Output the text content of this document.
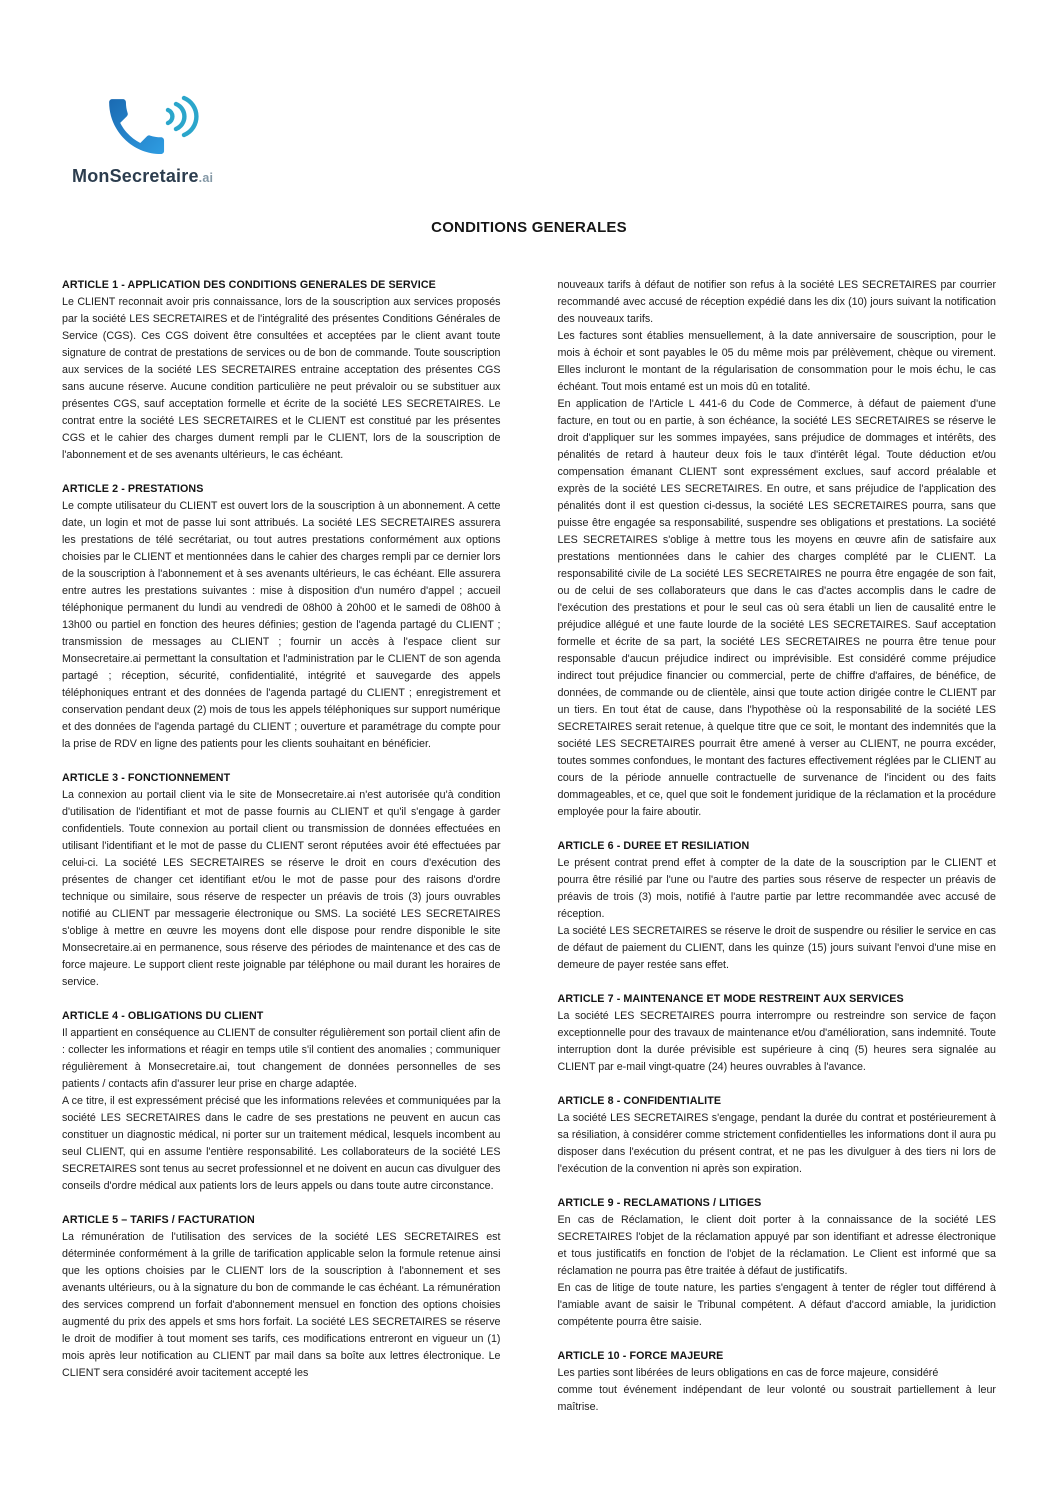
MonSecretaire.ai
CONDITIONS GENERALES
ARTICLE 1 - APPLICATION DES CONDITIONS GENERALES DE SERVICE

Le CLIENT reconnait avoir pris connaissance, lors de la souscription aux services proposés par la société LES SECRETAIRES et de l'intégralité des présentes Conditions Générales de Service (CGS). Ces CGS doivent être consultées et acceptées par le client avant toute signature de contrat de prestations de services ou de bon de commande. Toute souscription aux services de la société LES SECRETAIRES entraine acceptation des présentes CGS sans aucune réserve. Aucune condition particulière ne peut prévaloir ou se substituer aux présentes CGS, sauf acceptation formelle et écrite de la société LES SECRETAIRES. Le contrat entre la société LES SECRETAIRES et le CLIENT est constitué par les présentes CGS et le cahier des charges dument rempli par le CLIENT, lors de la souscription de l'abonnement et de ses avenants ultérieurs, le cas échéant.

ARTICLE 2 - PRESTATIONS

Le compte utilisateur du CLIENT est ouvert lors de la souscription à un abonnement. A cette date, un login et mot de passe lui sont attribués. La société LES SECRETAIRES assurera les prestations de télé secrétariat, ou tout autres prestations conformément aux options choisies par le CLIENT et mentionnées dans le cahier des charges rempli par ce dernier lors de la souscription à l'abonnement et à ses avenants ultérieurs, le cas échéant. Elle assurera entre autres les prestations suivantes : mise à disposition d'un numéro d'appel ; accueil téléphonique permanent du lundi au vendredi de 08h00 à 20h00 et le samedi de 08h00 à 13h00 ou partiel en fonction des heures définies; gestion de l'agenda partagé du CLIENT ; transmission de messages au CLIENT ; fournir un accès à l'espace client sur Monsecretaire.ai permettant la consultation et l'administration par le CLIENT de son agenda partagé ; réception, sécurité, confidentialité, intégrité et sauvegarde des appels téléphoniques entrant et des données de l'agenda partagé du CLIENT ; enregistrement et conservation pendant deux (2) mois de tous les appels téléphoniques sur support numérique et des données de l'agenda partagé du CLIENT ; ouverture et paramétrage du compte pour la prise de RDV en ligne des patients pour les clients souhaitant en bénéficier.

ARTICLE 3 - FONCTIONNEMENT

La connexion au portail client via le site de Monsecretaire.ai n'est autorisée qu'à condition d'utilisation de l'identifiant et mot de passe fournis au CLIENT et qu'il s'engage à garder confidentiels. Toute connexion au portail client ou transmission de données effectuées en utilisant l'identifiant et le mot de passe du CLIENT seront réputées avoir été effectuées par celui-ci. La société LES SECRETAIRES se réserve le droit en cours d'exécution des présentes de changer cet identifiant et/ou le mot de passe pour des raisons d'ordre technique ou similaire, sous réserve de respecter un préavis de trois (3) jours ouvrables notifié au CLIENT par messagerie électronique ou SMS. La société LES SECRETAIRES s'oblige à mettre en œuvre les moyens dont elle dispose pour rendre disponible le site Monsecretaire.ai en permanence, sous réserve des périodes de maintenance et des cas de force majeure. Le support client reste joignable par téléphone ou mail durant les horaires de service.

ARTICLE 4 - OBLIGATIONS DU CLIENT

Il appartient en conséquence au CLIENT de consulter régulièrement son portail client afin de : collecter les informations et réagir en temps utile s'il contient des anomalies ; communiquer régulièrement à Monsecretaire.ai, tout changement de données personnelles de ses patients / contacts afin d'assurer leur prise en charge adaptée.

A ce titre, il est expressément précisé que les informations relevées et communiquées par la société LES SECRETAIRES dans le cadre de ses prestations ne peuvent en aucun cas constituer un diagnostic médical, ni porter sur un traitement médical, lesquels incombent au seul CLIENT, qui en assume l'entière responsabilité. Les collaborateurs de la société LES SECRETAIRES sont tenus au secret professionnel et ne doivent en aucun cas divulguer des conseils d'ordre médical aux patients lors de leurs appels ou dans toute autre circonstance.

ARTICLE 5 – TARIFS / FACTURATION

La rémunération de l'utilisation des services de la société LES SECRETAIRES est déterminée conformément à la grille de tarification applicable selon la formule retenue ainsi que les options choisies par le CLIENT lors de la souscription à l'abonnement et ses avenants ultérieurs, ou à la signature du bon de commande le cas échéant. La rémunération des services comprend un forfait d'abonnement mensuel en fonction des options choisies augmenté du prix des appels et sms hors forfait. La société LES SECRETAIRES se réserve le droit de modifier à tout moment ses tarifs, ces modifications entreront en vigueur un (1) mois après leur notification au CLIENT par mail dans sa boîte aux lettres électronique. Le CLIENT sera considéré avoir tacitement accepté les

nouveaux tarifs à défaut de notifier son refus à la société LES SECRETAIRES par courrier recommandé avec accusé de réception expédié dans les dix (10) jours suivant la notification des nouveaux tarifs.

Les factures sont établies mensuellement, à la date anniversaire de souscription, pour le mois à échoir et sont payables le 05 du même mois par prélèvement, chèque ou virement. Elles incluront le montant de la régularisation de consommation pour le mois échu, le cas échéant. Tout mois entamé est un mois dû en totalité.

En application de l'Article L 441-6 du Code de Commerce, à défaut de paiement d'une facture, en tout ou en partie, à son échéance, la société LES SECRETAIRES se réserve le droit d'appliquer sur les sommes impayées, sans préjudice de dommages et intérêts, des pénalités de retard à hauteur deux fois le taux d'intérêt légal. Toute déduction et/ou compensation émanant CLIENT sont expressément exclues, sauf accord préalable et exprès de la société LES SECRETAIRES. En outre, et sans préjudice de l'application des pénalités dont il est question ci-dessus, la société LES SECRETAIRES pourra, sans que puisse être engagée sa responsabilité, suspendre ses obligations et prestations. La société LES SECRETAIRES s'oblige à mettre tous les moyens en œuvre afin de satisfaire aux prestations mentionnées dans le cahier des charges complété par le CLIENT. La responsabilité civile de La société LES SECRETAIRES ne pourra être engagée de son fait, ou de celui de ses collaborateurs que dans le cas d'actes accomplis dans le cadre de l'exécution des prestations et pour le seul cas où sera établi un lien de causalité entre le préjudice allégué et une faute lourde de la société LES SECRETAIRES. Sauf acceptation formelle et écrite de sa part, la société LES SECRETAIRES ne pourra être tenue pour responsable d'aucun préjudice indirect ou imprévisible. Est considéré comme préjudice indirect tout préjudice financier ou commercial, perte de chiffre d'affaires, de bénéfice, de données, de commande ou de clientèle, ainsi que toute action dirigée contre le CLIENT par un tiers. En tout état de cause, dans l'hypothèse où la responsabilité de la société LES SECRETAIRES serait retenue, à quelque titre que ce soit, le montant des indemnités que la société LES SECRETAIRES pourrait être amené à verser au CLIENT, ne pourra excéder, toutes sommes confondues, le montant des factures effectivement réglées par le CLIENT au cours de la période annuelle contractuelle de survenance de l'incident ou des faits dommageables, et ce, quel que soit le fondement juridique de la réclamation et la procédure employée pour la faire aboutir.

ARTICLE 6 - DUREE ET RESILIATION

Le présent contrat prend effet à compter de la date de la souscription par le CLIENT et pourra être résilié par l'une ou l'autre des parties sous réserve de respecter un préavis de préavis de trois (3) mois, notifié à l'autre partie par lettre recommandée avec accusé de réception.

La société LES SECRETAIRES se réserve le droit de suspendre ou résilier le service en cas de défaut de paiement du CLIENT, dans les quinze (15) jours suivant l'envoi d'une mise en demeure de payer restée sans effet.

ARTICLE 7 - MAINTENANCE ET MODE RESTREINT AUX SERVICES

La société LES SECRETAIRES pourra interrompre ou restreindre son service de façon exceptionnelle pour des travaux de maintenance et/ou d'amélioration, sans indemnité. Toute interruption dont la durée prévisible est supérieure à cinq (5) heures sera signalée au CLIENT par e-mail vingt-quatre (24) heures ouvrables à l'avance.

ARTICLE 8 - CONFIDENTIALITE

La société LES SECRETAIRES s'engage, pendant la durée du contrat et postérieurement à sa résiliation, à considérer comme strictement confidentielles les informations dont il aura pu disposer dans l'exécution du présent contrat, et ne pas les divulguer à des tiers ni lors de l'exécution de la convention ni après son expiration.

ARTICLE 9 - RECLAMATIONS / LITIGES

En cas de Réclamation, le client doit porter à la connaissance de la société LES SECRETAIRES l'objet de la réclamation appuyé par son identifiant et adresse électronique et tous justificatifs en fonction de l'objet de la réclamation. Le Client est informé que sa réclamation ne pourra pas être traitée à défaut de justificatifs.

En cas de litige de toute nature, les parties s'engagent à tenter de régler tout différend à l'amiable avant de saisir le Tribunal compétent. A défaut d'accord amiable, la juridiction compétente pourra être saisie.

ARTICLE 10 - FORCE MAJEURE

Les parties sont libérées de leurs obligations en cas de force majeure, considéré

comme tout événement indépendant de leur volonté ou soustrait partiellement à leur maîtrise.
